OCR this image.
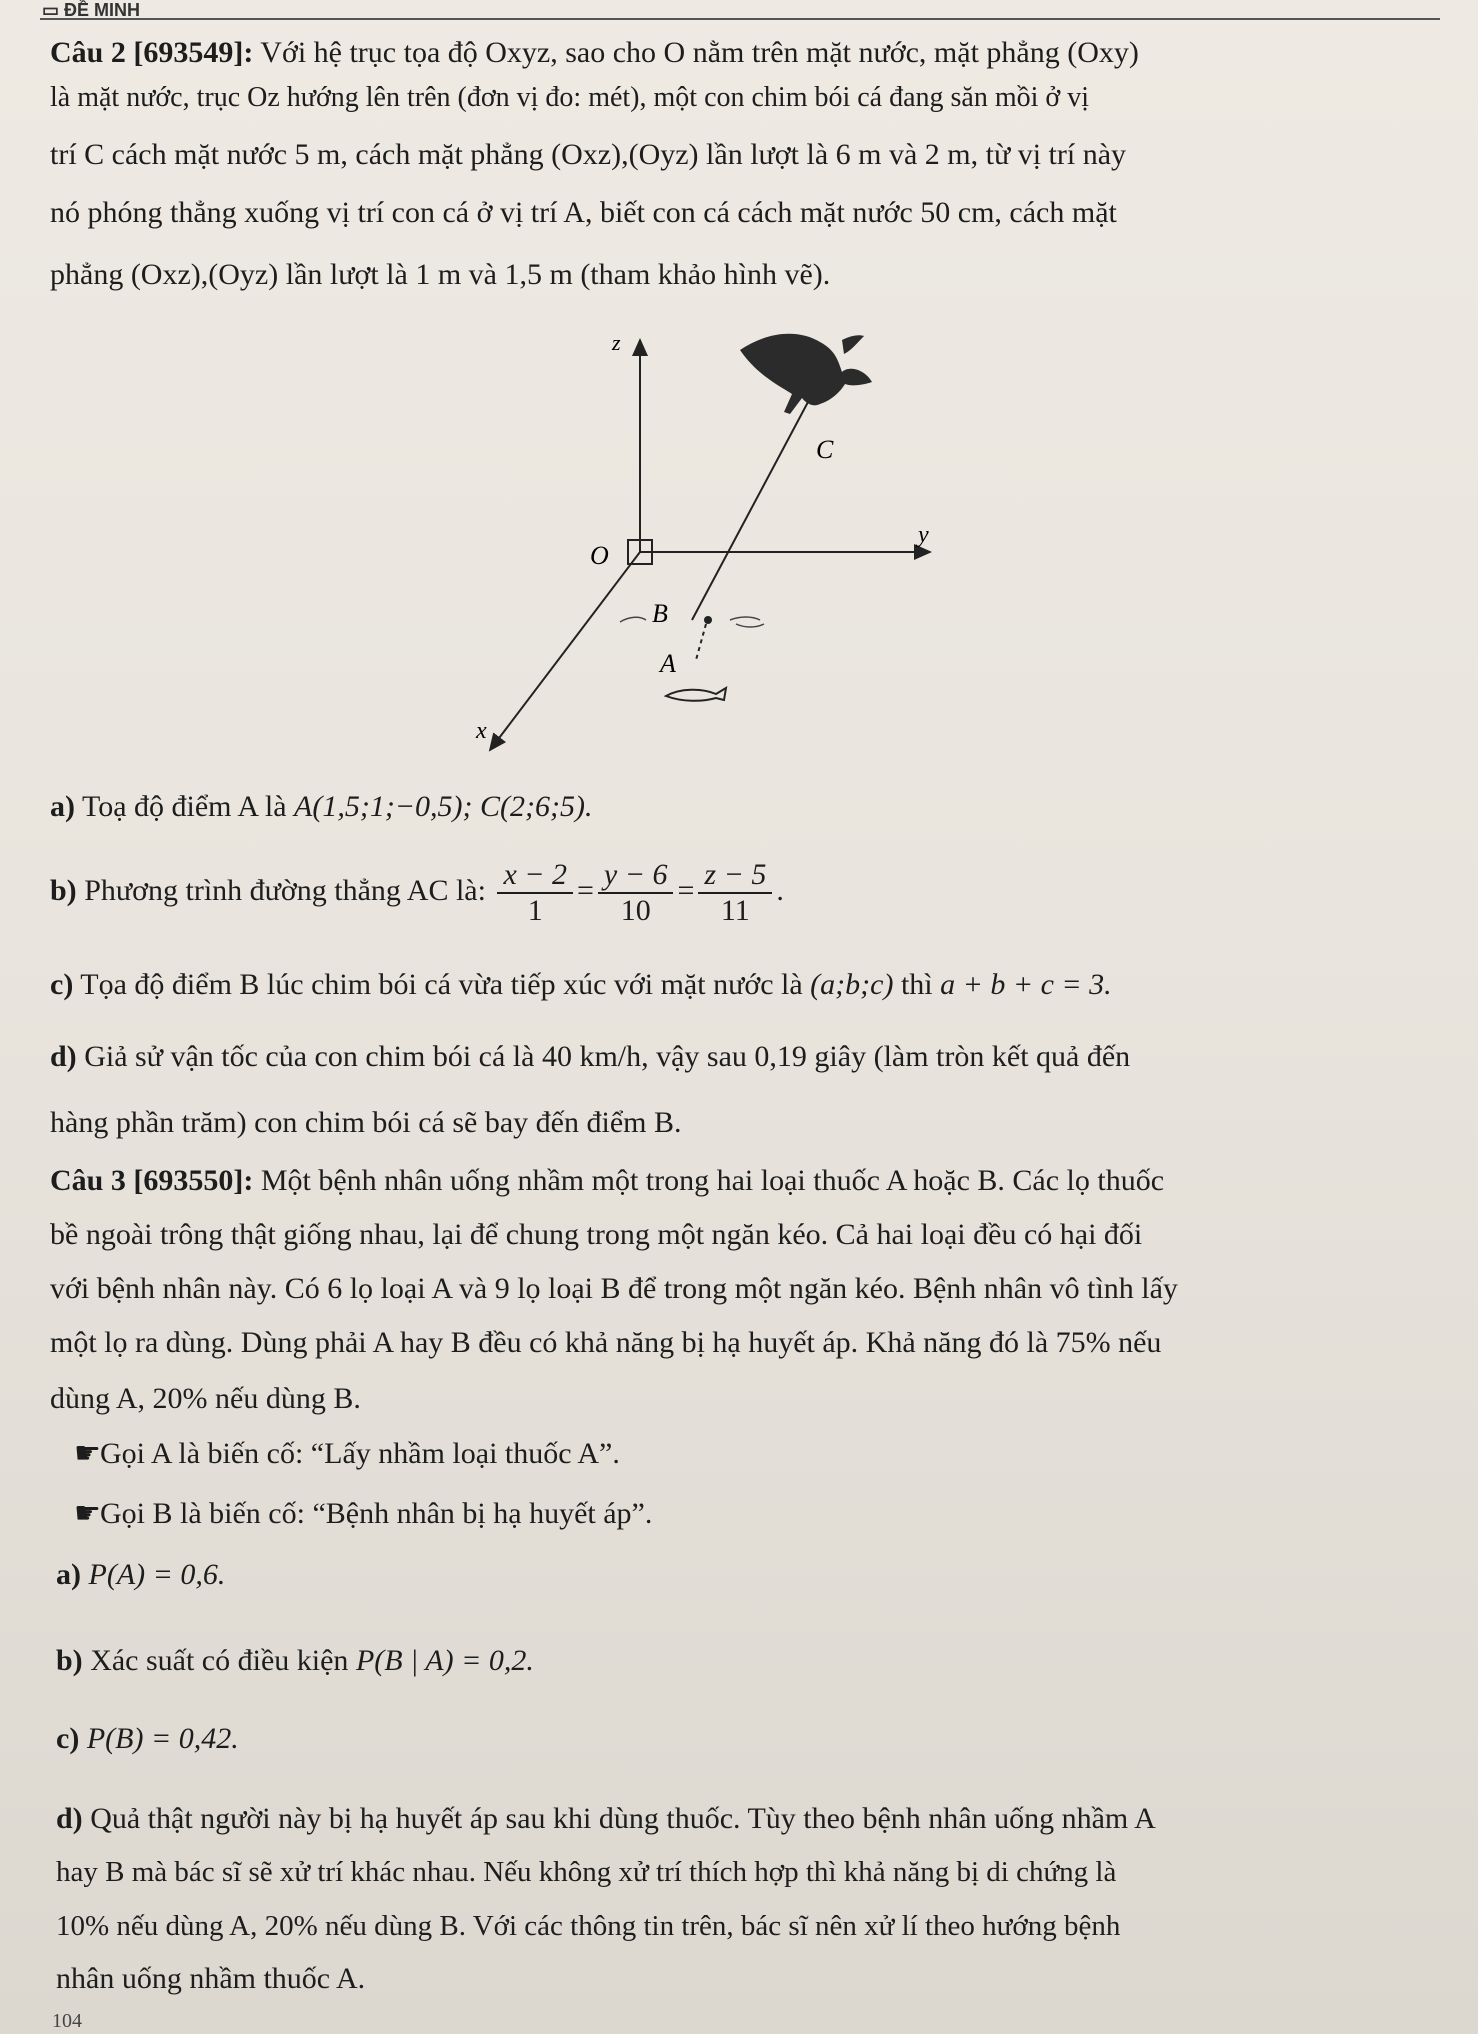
▭ ĐỀ MINH
Câu 2 [693549]: Với hệ trục tọa độ Oxyz, sao cho O nằm trên mặt nước, mặt phẳng (Oxy)
là mặt nước, trục Oz hướng lên trên (đơn vị đo: mét), một con chim bói cá đang săn mồi ở vị
trí C cách mặt nước 5 m, cách mặt phẳng (Oxz),(Oyz) lần lượt là 6 m và 2 m, từ vị trí này
nó phóng thẳng xuống vị trí con cá ở vị trí A, biết con cá cách mặt nước 50 cm, cách mặt
phẳng (Oxz),(Oyz) lần lượt là 1 m và 1,5 m (tham khảo hình vẽ).
z
y
x
O
C
B
A
a) Toạ độ điểm A là A(1,5;1;−0,5); C(2;6;5).
b) Phương trình đường thẳng AC là: $\frac{x - 2}{1} = \frac{y - 6}{10} = \frac{z - 5}{11}$ .
c) Tọa độ điểm B lúc chim bói cá vừa tiếp xúc với mặt nước là (a;b;c) thì a + b + c = 3.
d) Giả sử vận tốc của con chim bói cá là 40 km/h, vậy sau 0,19 giây (làm tròn kết quả đến
hàng phần trăm) con chim bói cá sẽ bay đến điểm B.
Câu 3 [693550]: Một bệnh nhân uống nhầm một trong hai loại thuốc A hoặc B. Các lọ thuốc
bề ngoài trông thật giống nhau, lại để chung trong một ngăn kéo. Cả hai loại đều có hại đối
với bệnh nhân này. Có 6 lọ loại A và 9 lọ loại B để trong một ngăn kéo. Bệnh nhân vô tình lấy
một lọ ra dùng. Dùng phải A hay B đều có khả năng bị hạ huyết áp. Khả năng đó là 75% nếu
dùng A, 20% nếu dùng B.
☛Gọi A là biến cố: “Lấy nhầm loại thuốc A”.
☛Gọi B là biến cố: “Bệnh nhân bị hạ huyết áp”.
a) P(A) = 0,6.
b) Xác suất có điều kiện P(B | A) = 0,2.
c) P(B) = 0,42.
d) Quả thật người này bị hạ huyết áp sau khi dùng thuốc. Tùy theo bệnh nhân uống nhầm A
hay B mà bác sĩ sẽ xử trí khác nhau. Nếu không xử trí thích hợp thì khả năng bị di chứng là
10% nếu dùng A, 20% nếu dùng B. Với các thông tin trên, bác sĩ nên xử lí theo hướng bệnh
nhân uống nhầm thuốc A.
104
